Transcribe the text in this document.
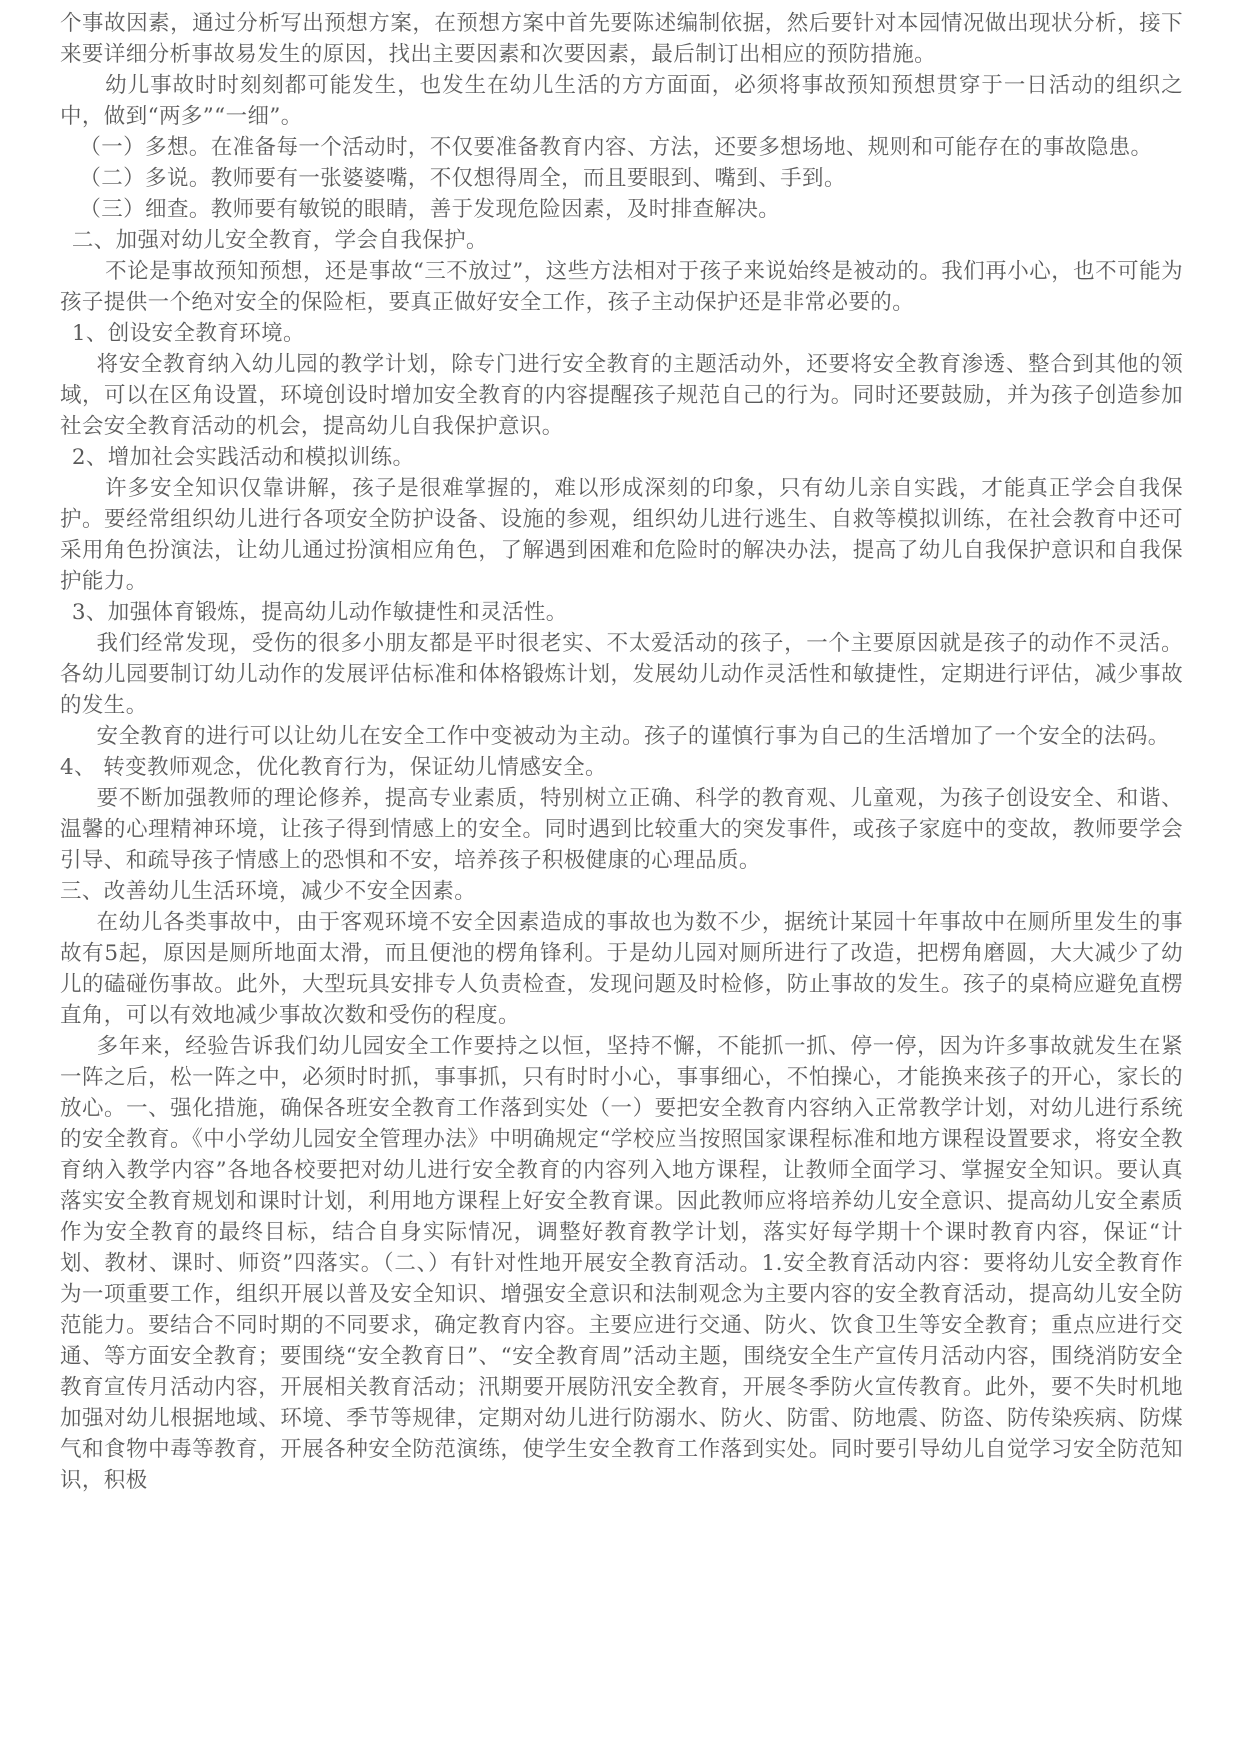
个事故因素，通过分析写出预想方案，在预想方案中首先要陈述编制依据，然后要针对本园情况做出现状分析，接下来要详细分析事故易发生的原因，找出主要因素和次要因素，最后制订出相应的预防措施。

幼儿事故时时刻刻都可能发生，也发生在幼儿生活的方方面面，必须将事故预知预想贯穿于一日活动的组织之中，做到“两多”“一细”。

（一）多想。在准备每一个活动时，不仅要准备教育内容、方法，还要多想场地、规则和可能存在的事故隐患。

（二）多说。教师要有一张婆婆嘴，不仅想得周全，而且要眼到、嘴到、手到。

（三）细查。教师要有敏锐的眼睛，善于发现危险因素，及时排查解决。

二、加强对幼儿安全教育，学会自我保护。

不论是事故预知预想，还是事故“三不放过”，这些方法相对于孩子来说始终是被动的。我们再小心，也不可能为孩子提供一个绝对安全的保险柜，要真正做好安全工作，孩子主动保护还是非常必要的。

1、创设安全教育环境。

将安全教育纳入幼儿园的教学计划，除专门进行安全教育的主题活动外，还要将安全教育渗透、整合到其他的领域，可以在区角设置，环境创设时增加安全教育的内容提醒孩子规范自己的行为。同时还要鼓励，并为孩子创造参加社会安全教育活动的机会，提高幼儿自我保护意识。

2、增加社会实践活动和模拟训练。

许多安全知识仅靠讲解，孩子是很难掌握的，难以形成深刻的印象，只有幼儿亲自实践，才能真正学会自我保护。要经常组织幼儿进行各项安全防护设备、设施的参观，组织幼儿进行逃生、自救等模拟训练，在社会教育中还可采用角色扮演法，让幼儿通过扮演相应角色，了解遇到困难和危险时的解决办法，提高了幼儿自我保护意识和自我保护能力。

3、加强体育锻炼，提高幼儿动作敏捷性和灵活性。

我们经常发现，受伤的很多小朋友都是平时很老实、不太爱活动的孩子，一个主要原因就是孩子的动作不灵活。各幼儿园要制订幼儿动作的发展评估标准和体格锻炼计划，发展幼儿动作灵活性和敏捷性，定期进行评估，减少事故的发生。

安全教育的进行可以让幼儿在安全工作中变被动为主动。孩子的谨慎行事为自己的生活增加了一个安全的法码。

4、 转变教师观念，优化教育行为，保证幼儿情感安全。

要不断加强教师的理论修养，提高专业素质，特别树立正确、科学的教育观、儿童观，为孩子创设安全、和谐、温馨的心理精神环境，让孩子得到情感上的安全。同时遇到比较重大的突发事件，或孩子家庭中的变故，教师要学会引导、和疏导孩子情感上的恐惧和不安，培养孩子积极健康的心理品质。

三、改善幼儿生活环境，减少不安全因素。

在幼儿各类事故中，由于客观环境不安全因素造成的事故也为数不少，据统计某园十年事故中在厕所里发生的事故有5起，原因是厕所地面太滑，而且便池的楞角锋利。于是幼儿园对厕所进行了改造，把楞角磨圆，大大减少了幼儿的磕碰伤事故。此外，大型玩具安排专人负责检查，发现问题及时检修，防止事故的发生。孩子的桌椅应避免直楞直角，可以有效地减少事故次数和受伤的程度。

多年来，经验告诉我们幼儿园安全工作要持之以恒，坚持不懈，不能抓一抓、停一停，因为许多事故就发生在紧一阵之后，松一阵之中，必须时时抓，事事抓，只有时时小心，事事细心，不怕操心，才能换来孩子的开心，家长的放心。一、强化措施，确保各班安全教育工作落到实处（一）要把安全教育内容纳入正常教学计划，对幼儿进行系统的安全教育。《中小学幼儿园安全管理办法》中明确规定“学校应当按照国家课程标准和地方课程设置要求，将安全教育纳入教学内容”各地各校要把对幼儿进行安全教育的内容列入地方课程，让教师全面学习、掌握安全知识。要认真落实安全教育规划和课时计划，利用地方课程上好安全教育课。因此教师应将培养幼儿安全意识、提高幼儿安全素质作为安全教育的最终目标，结合自身实际情况，调整好教育教学计划，落实好每学期十个课时教育内容，保证“计划、教材、课时、师资”四落实。（二、）有针对性地开展安全教育活动。1.安全教育活动内容：要将幼儿安全教育作为一项重要工作，组织开展以普及安全知识、增强安全意识和法制观念为主要内容的安全教育活动，提高幼儿安全防范能力。要结合不同时期的不同要求，确定教育内容。主要应进行交通、防火、饮食卫生等安全教育；重点应进行交通、等方面安全教育；要围绕“安全教育日”、“安全教育周”活动主题，围绕安全生产宣传月活动内容，围绕消防安全教育宣传月活动内容，开展相关教育活动；汛期要开展防汛安全教育，开展冬季防火宣传教育。此外，要不失时机地加强对幼儿根据地域、环境、季节等规律，定期对幼儿进行防溺水、防火、防雷、防地震、防盗、防传染疾病、防煤气和食物中毒等教育，开展各种安全防范演练，使学生安全教育工作落到实处。同时要引导幼儿自觉学习安全防范知识，积极
